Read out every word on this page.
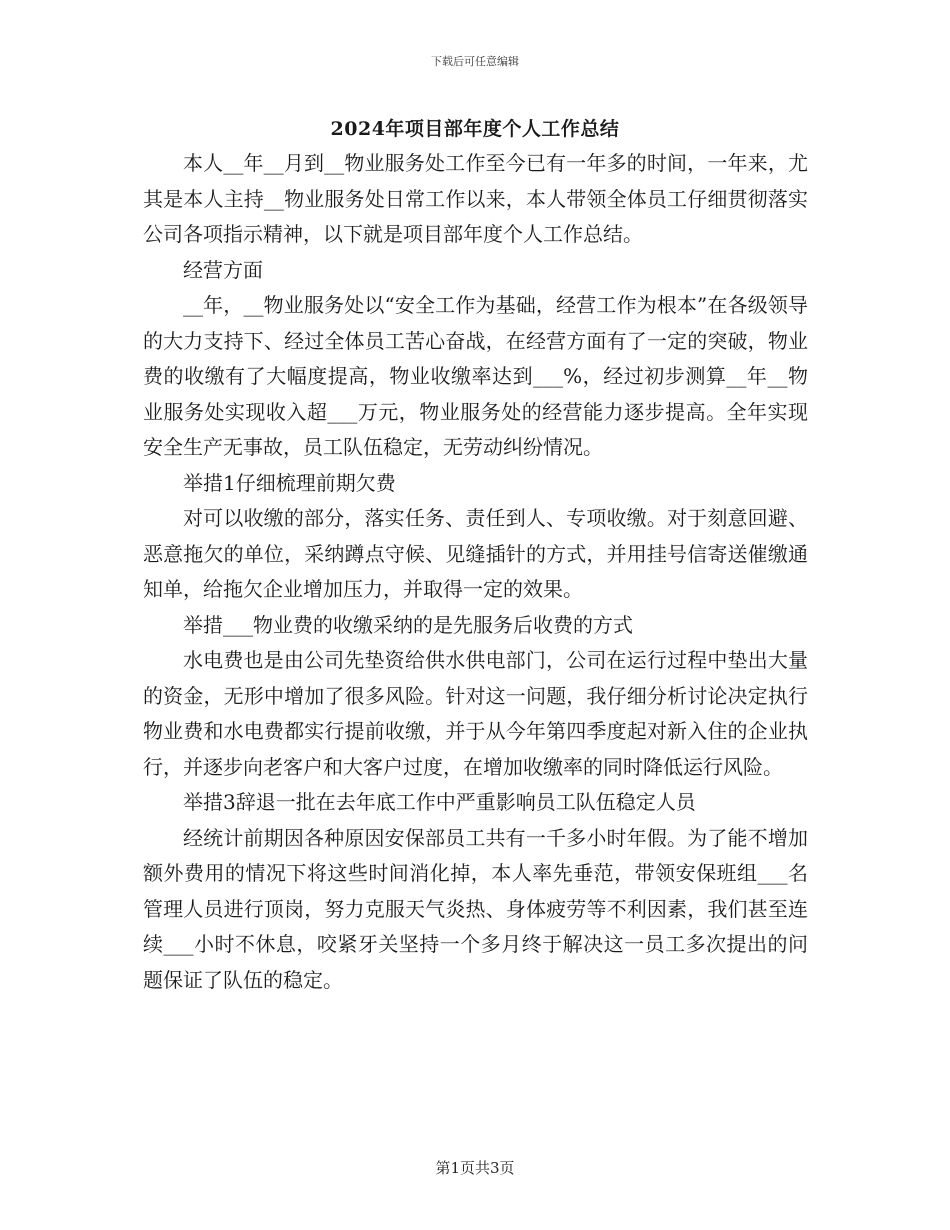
下载后可任意编辑
2024年项目部年度个人工作总结

本人__年__月到__物业服务处工作至今已有一年多的时间，一年来，尤其是本人主持__物业服务处日常工作以来，本人带领全体员工仔细贯彻落实公司各项指示精神，以下就是项目部年度个人工作总结。

经营方面

__年，__物业服务处以“安全工作为基础，经营工作为根本”在各级领导的大力支持下、经过全体员工苦心奋战，在经营方面有了一定的突破，物业费的收缴有了大幅度提高，物业收缴率达到___%，经过初步测算__年__物业服务处实现收入超___万元，物业服务处的经营能力逐步提高。全年实现安全生产无事故，员工队伍稳定，无劳动纠纷情况。

举措1仔细梳理前期欠费

对可以收缴的部分，落实任务、责任到人、专项收缴。对于刻意回避、恶意拖欠的单位，采纳蹲点守候、见缝插针的方式，并用挂号信寄送催缴通知单，给拖欠企业增加压力，并取得一定的效果。

举措___物业费的收缴采纳的是先服务后收费的方式

水电费也是由公司先垫资给供水供电部门，公司在运行过程中垫出大量的资金，无形中增加了很多风险。针对这一问题，我仔细分析讨论决定执行物业费和水电费都实行提前收缴，并于从今年第四季度起对新入住的企业执行，并逐步向老客户和大客户过度，在增加收缴率的同时降低运行风险。

举措3辞退一批在去年底工作中严重影响员工队伍稳定人员

经统计前期因各种原因安保部员工共有一千多小时年假。为了能不增加额外费用的情况下将这些时间消化掉，本人率先垂范，带领安保班组___名管理人员进行顶岗，努力克服天气炎热、身体疲劳等不利因素，我们甚至连续___小时不休息，咬紧牙关坚持一个多月终于解决这一员工多次提出的问题保证了队伍的稳定。

第1页共3页
